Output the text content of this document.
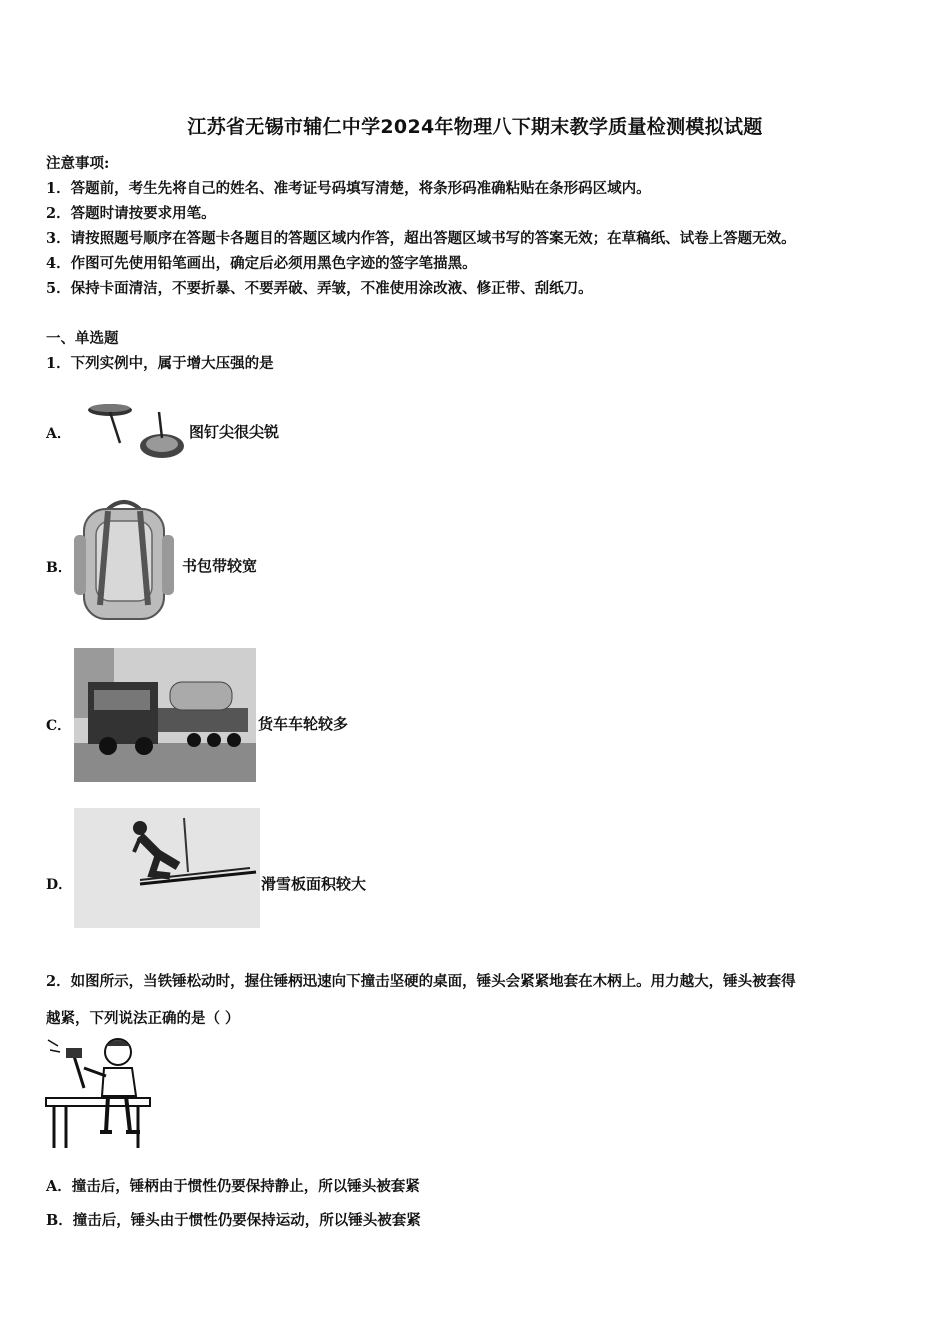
江苏省无锡市辅仁中学2024年物理八下期末教学质量检测模拟试题
注意事项:
1．答题前，考生先将自己的姓名、准考证号码填写清楚，将条形码准确粘贴在条形码区域内。
2．答题时请按要求用笔。
3．请按照题号顺序在答题卡各题目的答题区域内作答，超出答题区域书写的答案无效；在草稿纸、试卷上答题无效。
4．作图可先使用铅笔画出，确定后必须用黑色字迹的签字笔描黑。
5．保持卡面清洁，不要折暴、不要弄破、弄皱，不准使用涂改液、修正带、刮纸刀。
一、单选题
1．下列实例中，属于增大压强的是
A．	图钉尖很尖锐
B．	书包带较宽
C．	货车车轮较多
D．	滑雪板面积较大
2．如图所示，当铁锤松动时，握住锤柄迅速向下撞击坚硬的桌面，锤头会紧紧地套在木柄上。用力越大，锤头被套得
越紧，下列说法正确的是（ ）
A．撞击后，锤柄由于惯性仍要保持静止，所以锤头被套紧
B．撞击后，锤头由于惯性仍要保持运动，所以锤头被套紧
